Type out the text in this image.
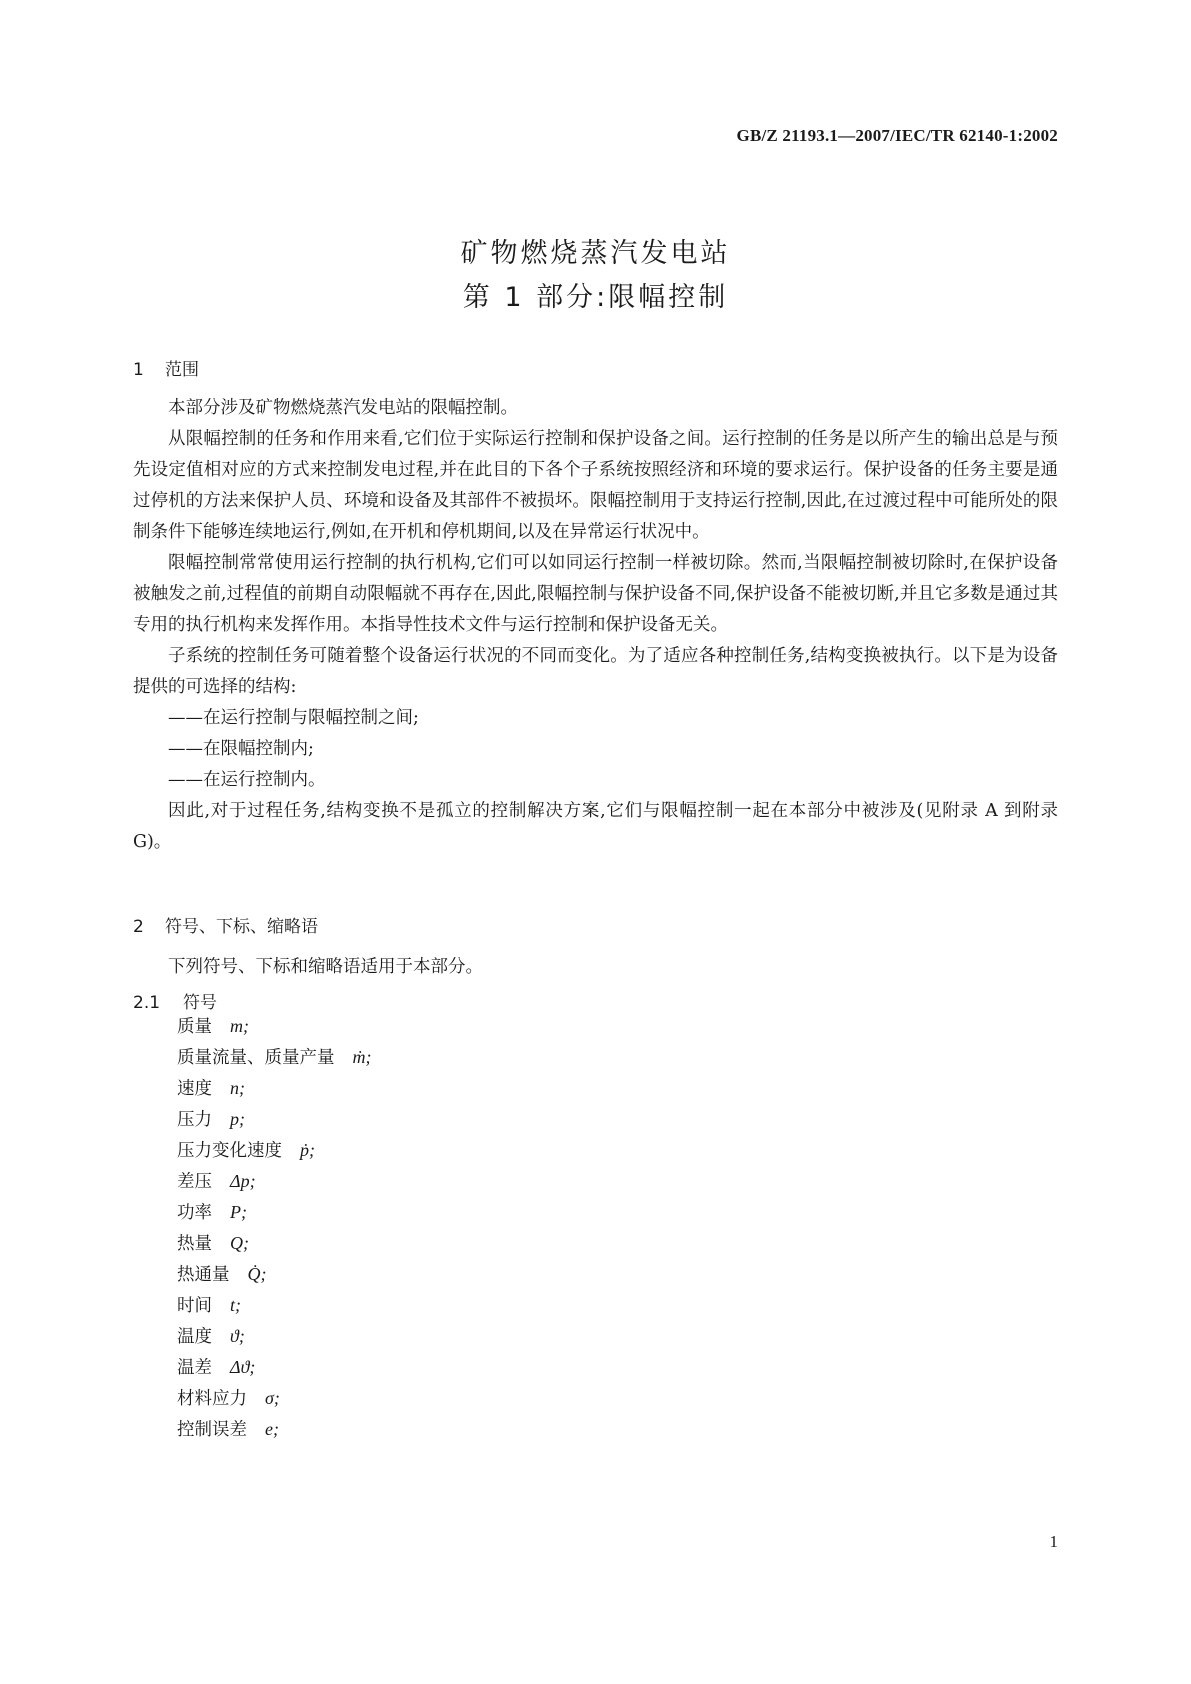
GB/Z 21193.1—2007/IEC/TR 62140-1:2002
矿物燃烧蒸汽发电站
第 1 部分:限幅控制
1 范围

本部分涉及矿物燃烧蒸汽发电站的限幅控制。

从限幅控制的任务和作用来看,它们位于实际运行控制和保护设备之间。运行控制的任务是以所产生的输出总是与预先设定值相对应的方式来控制发电过程,并在此目的下各个子系统按照经济和环境的要求运行。保护设备的任务主要是通过停机的方法来保护人员、环境和设备及其部件不被损坏。限幅控制用于支持运行控制,因此,在过渡过程中可能所处的限制条件下能够连续地运行,例如,在开机和停机期间,以及在异常运行状况中。

限幅控制常常使用运行控制的执行机构,它们可以如同运行控制一样被切除。然而,当限幅控制被切除时,在保护设备被触发之前,过程值的前期自动限幅就不再存在,因此,限幅控制与保护设备不同,保护设备不能被切断,并且它多数是通过其专用的执行机构来发挥作用。本指导性技术文件与运行控制和保护设备无关。

子系统的控制任务可随着整个设备运行状况的不同而变化。为了适应各种控制任务,结构变换被执行。以下是为设备提供的可选择的结构:

——在运行控制与限幅控制之间;

——在限幅控制内;

——在运行控制内。

因此,对于过程任务,结构变换不是孤立的控制解决方案,它们与限幅控制一起在本部分中被涉及(见附录 A 到附录 G)。

2 符号、下标、缩略语

下列符号、下标和缩略语适用于本部分。

2.1 符号
质量 m;
质量流量、质量产量 ṁ;
速度 n;
压力 p;
压力变化速度 ṗ;
差压 Δp;
功率 P;
热量 Q;
热通量 Q̇;
时间 t;
温度 ϑ;
温差 Δϑ;
材料应力 σ;
控制误差 e;
1
